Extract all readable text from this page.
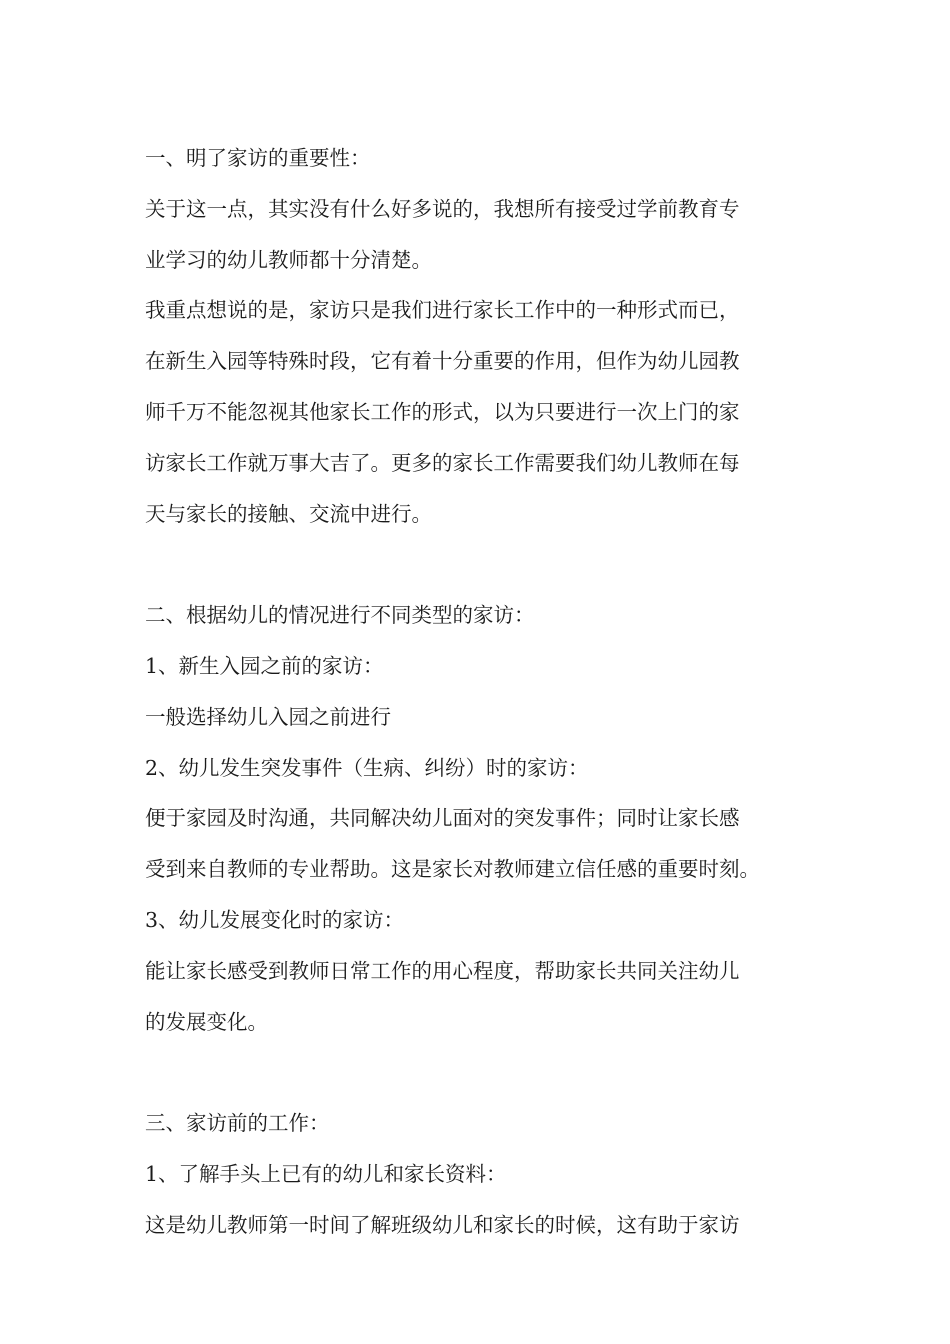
一、明了家访的重要性：
关于这一点，其实没有什么好多说的，我想所有接受过学前教育专
业学习的幼儿教师都十分清楚。
我重点想说的是，家访只是我们进行家长工作中的一种形式而已，
在新生入园等特殊时段，它有着十分重要的作用，但作为幼儿园教
师千万不能忽视其他家长工作的形式，以为只要进行一次上门的家
访家长工作就万事大吉了。更多的家长工作需要我们幼儿教师在每
天与家长的接触、交流中进行。
二、根据幼儿的情况进行不同类型的家访：
1、新生入园之前的家访：
一般选择幼儿入园之前进行
2、幼儿发生突发事件（生病、纠纷）时的家访：
便于家园及时沟通，共同解决幼儿面对的突发事件；同时让家长感
受到来自教师的专业帮助。这是家长对教师建立信任感的重要时刻。
3、幼儿发展变化时的家访：
能让家长感受到教师日常工作的用心程度，帮助家长共同关注幼儿
的发展变化。
三、家访前的工作：
1、了解手头上已有的幼儿和家长资料：
这是幼儿教师第一时间了解班级幼儿和家长的时候，这有助于家访
